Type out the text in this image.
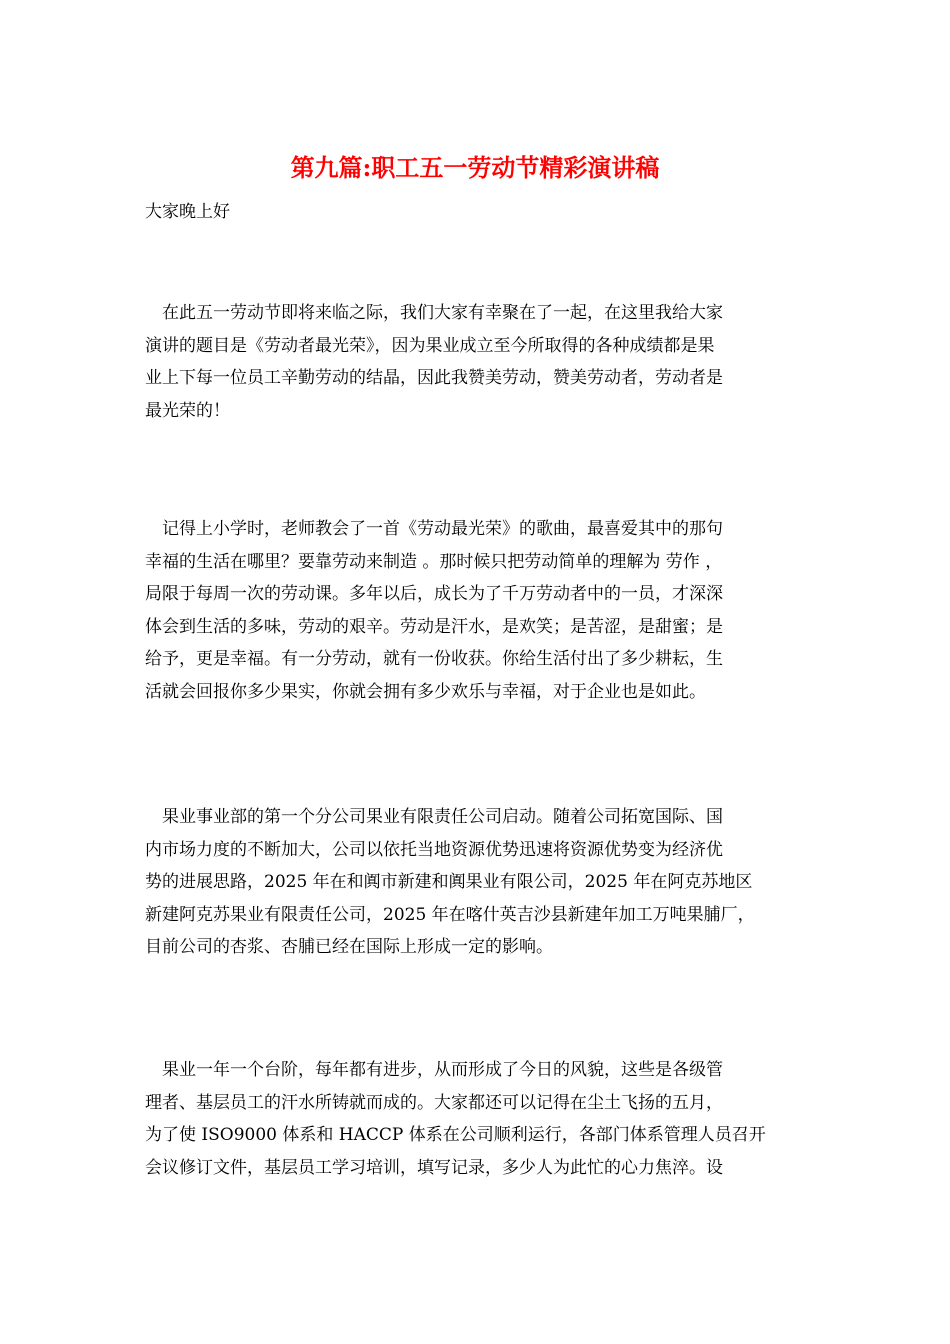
第九篇:职工五一劳动节精彩演讲稿

大家晚上好

　在此五一劳动节即将来临之际，我们大家有幸聚在了一起，在这里我给大家
演讲的题目是《劳动者最光荣》，因为果业成立至今所取得的各种成绩都是果
业上下每一位员工辛勤劳动的结晶，因此我赞美劳动，赞美劳动者，劳动者是
最光荣的！
　记得上小学时，老师教会了一首《劳动最光荣》的歌曲，最喜爱其中的那句
幸福的生活在哪里？要靠劳动来制造 。那时候只把劳动简单的理解为 劳作 ，
局限于每周一次的劳动课。多年以后，成长为了千万劳动者中的一员，才深深
体会到生活的多味，劳动的艰辛。劳动是汗水，是欢笑；是苦涩，是甜蜜；是
给予，更是幸福。有一分劳动，就有一份收获。你给生活付出了多少耕耘，生
活就会回报你多少果实，你就会拥有多少欢乐与幸福，对于企业也是如此。
　果业事业部的第一个分公司果业有限责任公司启动。随着公司拓宽国际、国
内市场力度的不断加大，公司以依托当地资源优势迅速将资源优势变为经济优
势的进展思路，2025 年在和阗市新建和阗果业有限公司，2025 年在阿克苏地区
新建阿克苏果业有限责任公司，2025 年在喀什英吉沙县新建年加工万吨果脯厂，
目前公司的杏浆、杏脯已经在国际上形成一定的影响。
　果业一年一个台阶，每年都有进步，从而形成了今日的风貌，这些是各级管
理者、基层员工的汗水所铸就而成的。大家都还可以记得在尘土飞扬的五月，
为了使 ISO9000 体系和 HACCP 体系在公司顺利运行，各部门体系管理人员召开
会议修订文件，基层员工学习培训，填写记录，多少人为此忙的心力焦淬。设
